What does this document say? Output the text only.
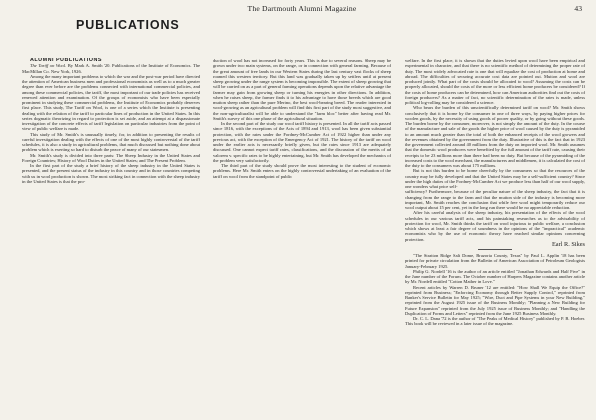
The Dartmouth Alumni Magazine	43
PUBLICATIONS

ALUMNI PUBLICATIONS

The Tariff on Wool. By Mark A. Smith '20. Publications of the Institute of Economics. The MacMillan Co. New York, 1926.

Among the many important problems to which the war and the post-war period have directed the attention of American business men and professional economists as well as to a much greater degree than ever before are the problems connected with international commercial policies, and among these commercial policies, the tariff, the most important of our trade policies has received renewed attention and examination. Of the groups of economists who have been especially prominent in studying these commercial problems, the Institute of Economics probably deserves first place. This study, The Tariff on Wool, is one of a series which the Institute is presenting dealing with the relation of the tariff to particular lines of production in the United States. In this series dogmatic theorizing in regard to protection is set aside, and an attempt at a dispassionate investigation of the concrete effects of tariff legislation on particular industries from the point of view of public welfare is made.

This study of Mr. Smith's is unusually timely, for, in addition to presenting the results of careful investigation dealing with the effects of one of the most highly controversial of the tariff schedules, it is also a study in agricultural problems, that much discussed but nothing done about problem which is exerting so hard to disturb the peace of many of our statesmen.

Mr. Smith's study is divided into three parts: The Sheep Industry in the United States and Foreign Countries; History of Wool Duties in the United States; and The Present Problem.

In the first part of the study a brief history of the sheep industry in the United States is presented, and the present status of the industry in this country and in those countries competing with us in wool production is shown. The most striking fact in connection with the sheep industry in the United States is that the pro-

duction of wool has not increased for forty years. This is due to several reasons. Sheep may be grown under two main systems, on the range, or in connection with general farming. Because of the great amount of free lands in our Western States during the last century vast flocks of sheep roamed this western territory. But this land was gradually taken up by settlers until at present sheep growing under the range system is becoming impossible. The extent of sheep growing that will be carried on as a part of general farming operations depends upon the relative advantage the farmer may gain from growing sheep or turning his energies in other directions. In addition, when he raises sheep, the farmer finds it to his advantage to have those breeds which are good mutton sheep rather than the pure Merino, the best wool-bearing breed. The reader interested in wool-growing as an agricultural problem will find this first part of the study most suggestive, and the non-agriculturalist will be able to understand the "farm bloc" better after having read Mr. Smith's survey of this one phase of the agricultural situation.

In the second part of the study our wool tariff history is presented. In all the tariff acts passed since 1816, with the exceptions of the Acts of 1894 and 1913, wool has been given substantial protection, with the rates under the Fordney-McCumber Act of 1922 higher than under any previous act, with the exception of the Emergency Act of 1921. The history of the tariff on wool under the earlier acts is necessarily briefly given, but the rates since 1913 are adequately discussed. One cannot expect tariff rates, classifications, and the discussion of the merits of ad valorem v. specific rates to be highly entertaining, but Mr. Smith has developed the mechanics of the problem very satisfactorily.

The third part of the study should prove the most interesting to the student of economic problems. Here Mr. Smith enters on the highly controversial undertaking of an evaluation of the tariff on wool from the standpoint of public

welfare. In the first place, it is shown that the duties levied upon wool have been empirical and experimental in character, and that there is no scientific method of determining the proper rate of duty. The most widely advocated rate is one that will equalize the cost of production at home and abroad. The difficulties of securing accurate cost data are pointed out. Mutton and wool are produced jointly. What part of the costs should be allocated to wool? Assuming the costs can be properly allocated, should the costs of the more or less efficient home producers be considered? If the costs of home producers can be determined, how can American authorities find out the costs of foreign producers? As a matter of fact, no scientific determination of the rates is made, unless political log-rolling may be considered a science.

Who bears the burden of this unscientifically determined tariff on wool? Mr. Smith shows conclusively that it is borne by the consumer in one of three ways, by paying higher prices for woolen goods, by the necessity of using goods of poorer quality, or by going without these goods. The burden borne by the consumer, moreover, is not simply the amount of the duty. In the course of the manufacture and sale of the goods the higher price of wool caused by the duty is pyramided to an amount much greater than the total of both the enhanced receipts of the wool growers and the revenues obtained by the government from the duty. Illustrative of this is the fact that in 1923 the government collected around 40 millions from the duty on imported wool. Mr. Smith assumes that the domestic wool producers were benefited by the full amount of the tariff rate, causing their receipts to be 23 millions more than there had been no duty. But because of the pyramiding of the increased costs to the wool merchant, the manufacturers and middlemen, it is calculated the cost of the duty to the consumers was about 175 millions.

But is not this burden to be borne cheerfully by the consumers so that the resources of the country may be fully developed and that the United States may be a self-sufficient country? Since under the high duties of the Fordney-McCumber Act we produce less than half of our wool supply, one wonders what price self-

sufficiency? Furthermore, because of the peculiar nature of the sheep industry, the fact that it is changing from the range to the farm and that the mutton side of the industry is becoming more important, Mr. Smith reaches the conclusion that while free wool might temporarily reduce our wool output about 15 per cent, yet in the long run there would be no appreciable reduction.

After his careful analysis of the sheep industry, his presentation of the effects of the wool schedules in our various tariff acts, and his painstaking researches as to the advisability of protection for wool, Mr. Smith thinks the tariff on wool injurious to public welfare, a conclusion which shows at least a fair degree of soundness in the opinions of the "impractical" academic economists who by the use of economic theory have reached similar opinions concerning protection.

Earl R. Sikes

"The Stratton Ridge Salt Dome, Brazoria County, Texas" by Paul L. Applin '18 has been printed for private circulation from the Bulletin of American Association of Petroleum Geologists January-February 1925.

Philip G. Nordell '16 is the author of an article entitled "Jonathan Edwards and Half Five" in the June number of the Forum. The October number of Harpers Magazine contains another article by Mr. Nordell entitled "Cotton Mather in Love."

Recent articles by Warren D. Bruner '12 are entitled: "How Shall We Equip the Office?" reprinted from Business; "Enforcing Economy through Better Supply Control," reprinted from Banker's Service Bulletin for May 1925; "Wire, Duct and Pipe Systems in your New Building," reprinted from the August 1925 issue of the Business Monthly; "Planning a New Building for Future Expansion" reprinted from the July 1925 issue of Business Monthly; and "Handling the Duplication of Forms and Letters" reprinted from the June 1925 Business Monthly.

Dr. C. L. Dana '72 is the author of "The Peaks of Medical History" published by P. B. Hoeber. This book will be reviewed in a later issue of the magazine.
